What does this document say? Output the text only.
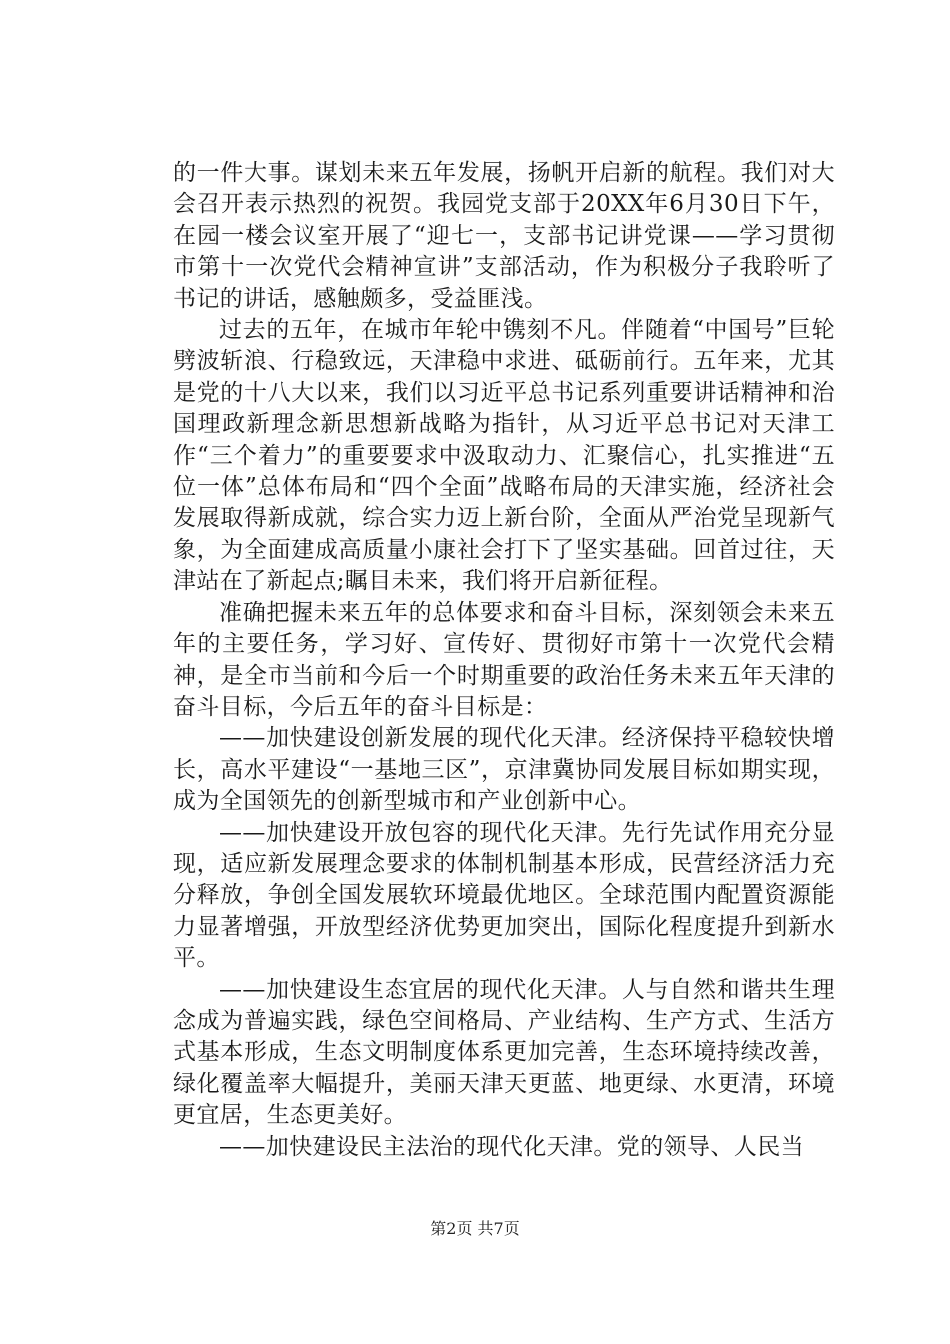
的一件大事。谋划未来五年发展，扬帆开启新的航程。我们对大会召开表示热烈的祝贺。我园党支部于20XX年6月30日下午，在园一楼会议室开展了“迎七一，支部书记讲党课——学习贯彻市第十一次党代会精神宣讲”支部活动，作为积极分子我聆听了书记的讲话，感触颇多，受益匪浅。

过去的五年，在城市年轮中镌刻不凡。伴随着“中国号”巨轮劈波斩浪、行稳致远，天津稳中求进、砥砺前行。五年来，尤其是党的十八大以来，我们以习近平总书记系列重要讲话精神和治国理政新理念新思想新战略为指针，从习近平总书记对天津工作“三个着力”的重要要求中汲取动力、汇聚信心，扎实推进“五位一体”总体布局和“四个全面”战略布局的天津实施，经济社会发展取得新成就，综合实力迈上新台阶，全面从严治党呈现新气象，为全面建成高质量小康社会打下了坚实基础。回首过往，天津站在了新起点;瞩目未来，我们将开启新征程。

准确把握未来五年的总体要求和奋斗目标，深刻领会未来五年的主要任务，学习好、宣传好、贯彻好市第十一次党代会精神，是全市当前和今后一个时期重要的政治任务未来五年天津的奋斗目标，今后五年的奋斗目标是：

——加快建设创新发展的现代化天津。经济保持平稳较快增长，高水平建设“一基地三区”，京津冀协同发展目标如期实现，成为全国领先的创新型城市和产业创新中心。

——加快建设开放包容的现代化天津。先行先试作用充分显现，适应新发展理念要求的体制机制基本形成，民营经济活力充分释放，争创全国发展软环境最优地区。全球范围内配置资源能力显著增强，开放型经济优势更加突出，国际化程度提升到新水平。

——加快建设生态宜居的现代化天津。人与自然和谐共生理念成为普遍实践，绿色空间格局、产业结构、生产方式、生活方式基本形成，生态文明制度体系更加完善，生态环境持续改善，绿化覆盖率大幅提升，美丽天津天更蓝、地更绿、水更清，环境更宜居，生态更美好。

——加快建设民主法治的现代化天津。党的领导、人民当

第2页 共7页
